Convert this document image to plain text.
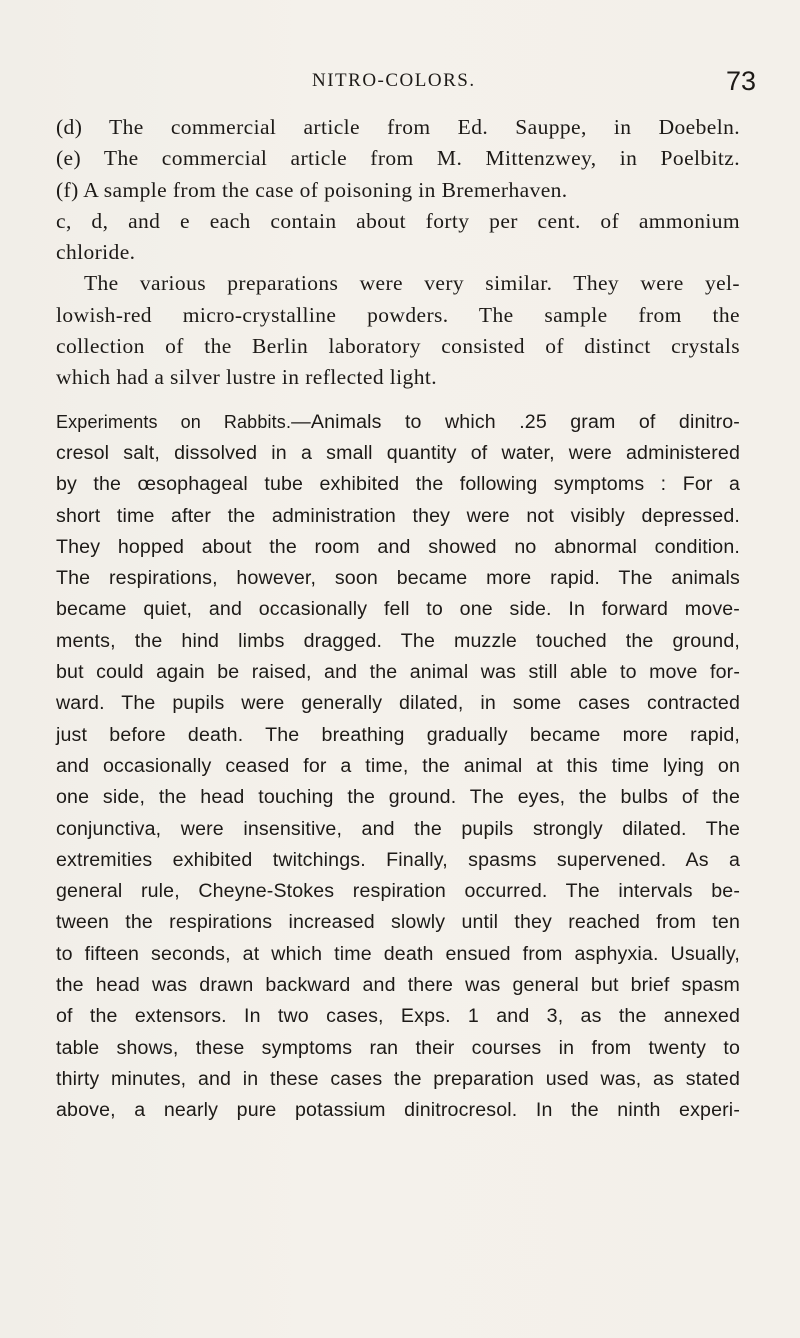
NITRO-COLORS.	73
(d) The commercial article from Ed. Sauppe, in Doebeln.
(e) The commercial article from M. Mittenzwey, in Poelbitz.
(f) A sample from the case of poisoning in Bremerhaven.
c, d, and e each contain about forty per cent. of ammonium
chloride.
The various preparations were very similar. They were yel-
lowish-red micro-crystalline powders. The sample from the
collection of the Berlin laboratory consisted of distinct crystals
which had a silver lustre in reflected light.
Experiments on Rabbits.—Animals to which .25 gram of dinitro-
cresol salt, dissolved in a small quantity of water, were administered
by the œsophageal tube exhibited the following symptoms : For a
short time after the administration they were not visibly depressed.
They hopped about the room and showed no abnormal condition.
The respirations, however, soon became more rapid. The animals
became quiet, and occasionally fell to one side. In forward move-
ments, the hind limbs dragged. The muzzle touched the ground,
but could again be raised, and the animal was still able to move for-
ward. The pupils were generally dilated, in some cases contracted
just before death. The breathing gradually became more rapid,
and occasionally ceased for a time, the animal at this time lying on
one side, the head touching the ground. The eyes, the bulbs of the
conjunctiva, were insensitive, and the pupils strongly dilated. The
extremities exhibited twitchings. Finally, spasms supervened. As a
general rule, Cheyne-Stokes respiration occurred. The intervals be-
tween the respirations increased slowly until they reached from ten
to fifteen seconds, at which time death ensued from asphyxia. Usually,
the head was drawn backward and there was general but brief spasm
of the extensors. In two cases, Exps. 1 and 3, as the annexed
table shows, these symptoms ran their courses in from twenty to
thirty minutes, and in these cases the preparation used was, as stated
above, a nearly pure potassium dinitrocresol. In the ninth experi-
